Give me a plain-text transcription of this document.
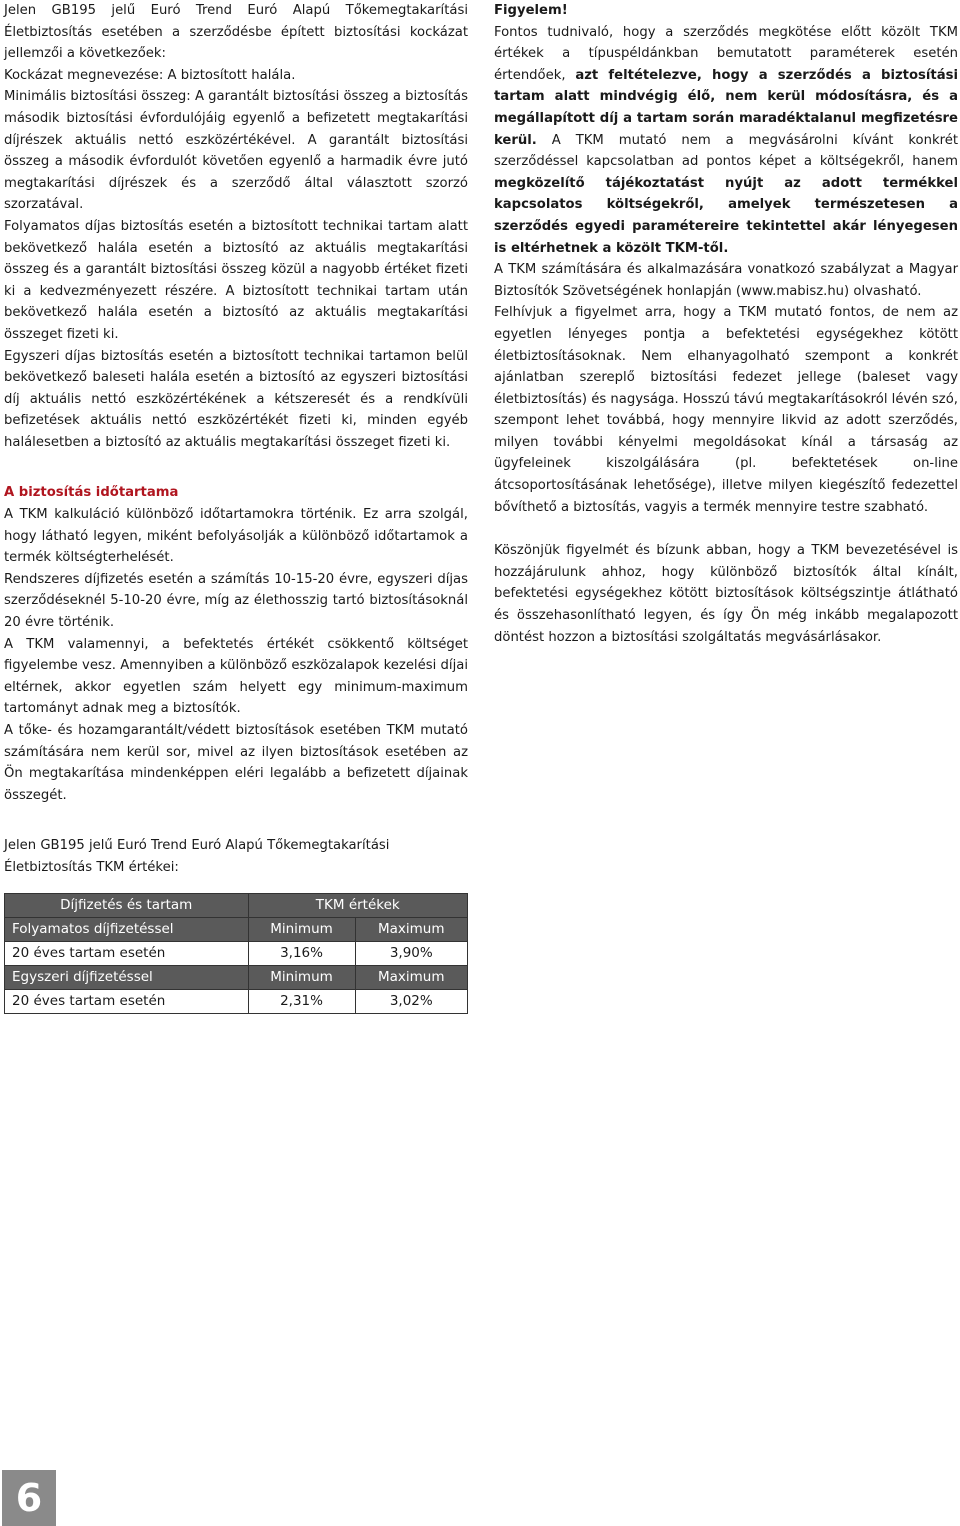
Jelen GB195 jelű Euró Trend Euró Alapú Tőkemegtakarítási Életbiztosítás esetében a szerződésbe épített biztosítási kockázat jellemzői a következőek:
Kockázat megnevezése: A biztosított halála.
Minimális biztosítási összeg: A garantált biztosítási összeg a biztosítás második biztosítási évfordulójáig egyenlő a befizetett megtakarítási díjrészek aktuális nettó eszközértékével. A garantált biztosítási összeg a második évfordulót követően egyenlő a harmadik évre jutó megtakarítási díjrészek és a szerződő által választott szorzó szorzatával.

Folyamatos díjas biztosítás esetén a biztosított technikai tartam alatt bekövetkező halála esetén a biztosító az aktuális megtakarítási összeg és a garantált biztosítási összeg közül a nagyobb értéket fizeti ki a kedvezményezett részére. A biztosított technikai tartam után bekövetkező halála esetén a biztosító az aktuális megtakarítási összeget fizeti ki.

Egyszeri díjas biztosítás esetén a biztosított technikai tartamon belül bekövetkező baleseti halála esetén a biztosító az egyszeri biztosítási díj aktuális nettó eszközértékének a kétszeresét és a rendkívüli befizetések aktuális nettó eszközértékét fizeti ki, minden egyéb halálesetben a biztosító az aktuális megtakarítási összeget fizeti ki.

A biztosítás időtartama

A TKM kalkuláció különböző időtartamokra történik. Ez arra szolgál, hogy látható legyen, miként befolyásolják a különböző időtartamok a termék költségterhelését.

Rendszeres díjfizetés esetén a számítás 10-15-20 évre, egyszeri díjas szerződéseknél 5-10-20 évre, míg az élethosszig tartó biztosításoknál 20 évre történik.

A TKM valamennyi, a befektetés értékét csökkentő költséget figyelembe vesz. Amennyiben a különböző eszközalapok kezelési díjai eltérnek, akkor egyetlen szám helyett egy minimum-maximum tartományt adnak meg a biztosítók.

A tőke- és hozamgarantált/védett biztosítások esetében TKM mutató számítására nem kerül sor, mivel az ilyen biztosítások esetében az Ön megtakarítása mindenképpen eléri legalább a befizetett díjainak összegét.

Jelen GB195 jelű Euró Trend Euró Alapú Tőkemegtakarítási Életbiztosítás TKM értékei:

Díjfizetés és tartam	TKM értékek	
Folyamatos díjfizetéssel	Minimum	Maximum
20 éves tartam esetén	3,16%	3,90%
Egyszeri díjfizetéssel	Minimum	Maximum
20 éves tartam esetén	2,31%	3,02%

Figyelem!

Fontos tudnivaló, hogy a szerződés megkötése előtt közölt TKM értékek a típuspéldánkban bemutatott paraméterek esetén értendőek, azt feltételezve, hogy a szerződés a biztosítási tartam alatt mindvégig élő, nem kerül módosításra, és a megállapított díj a tartam során maradéktalanul megfizetésre kerül. A TKM mutató nem a megvásárolni kívánt konkrét szerződéssel kapcsolatban ad pontos képet a költségekről, hanem megközelítő tájékoztatást nyújt az adott termékkel kapcsolatos költségekről, amelyek természetesen a szerződés egyedi paramétereire tekintettel akár lényegesen is eltérhetnek a közölt TKM-től.

A TKM számítására és alkalmazására vonatkozó szabályzat a Magyar Biztosítók Szövetségének honlapján (www.mabisz.hu) olvasható.

Felhívjuk a figyelmet arra, hogy a TKM mutató fontos, de nem az egyetlen lényeges pontja a befektetési egységekhez kötött életbiztosításoknak. Nem elhanyagolható szempont a konkrét ajánlatban szereplő biztosítási fedezet jellege (baleset vagy életbiztosítás) és nagysága. Hosszú távú megtakarításokról lévén szó, szempont lehet továbbá, hogy mennyire likvid az adott szerződés, milyen további kényelmi megoldásokat kínál a társaság az ügyfeleinek kiszolgálására (pl. befektetések on-line átcsoportosításának lehetősége), illetve milyen kiegészítő fedezettel bővíthető a biztosítás, vagyis a termék mennyire testre szabható.

Köszönjük figyelmét és bízunk abban, hogy a TKM bevezetésével is hozzájárulunk ahhoz, hogy különböző biztosítók által kínált, befektetési egységekhez kötött biztosítások költségszintje átlátható és összehasonlítható legyen, és így Ön még inkább megalapozott döntést hozzon a biztosítási szolgáltatás megvásárlásakor.

6
